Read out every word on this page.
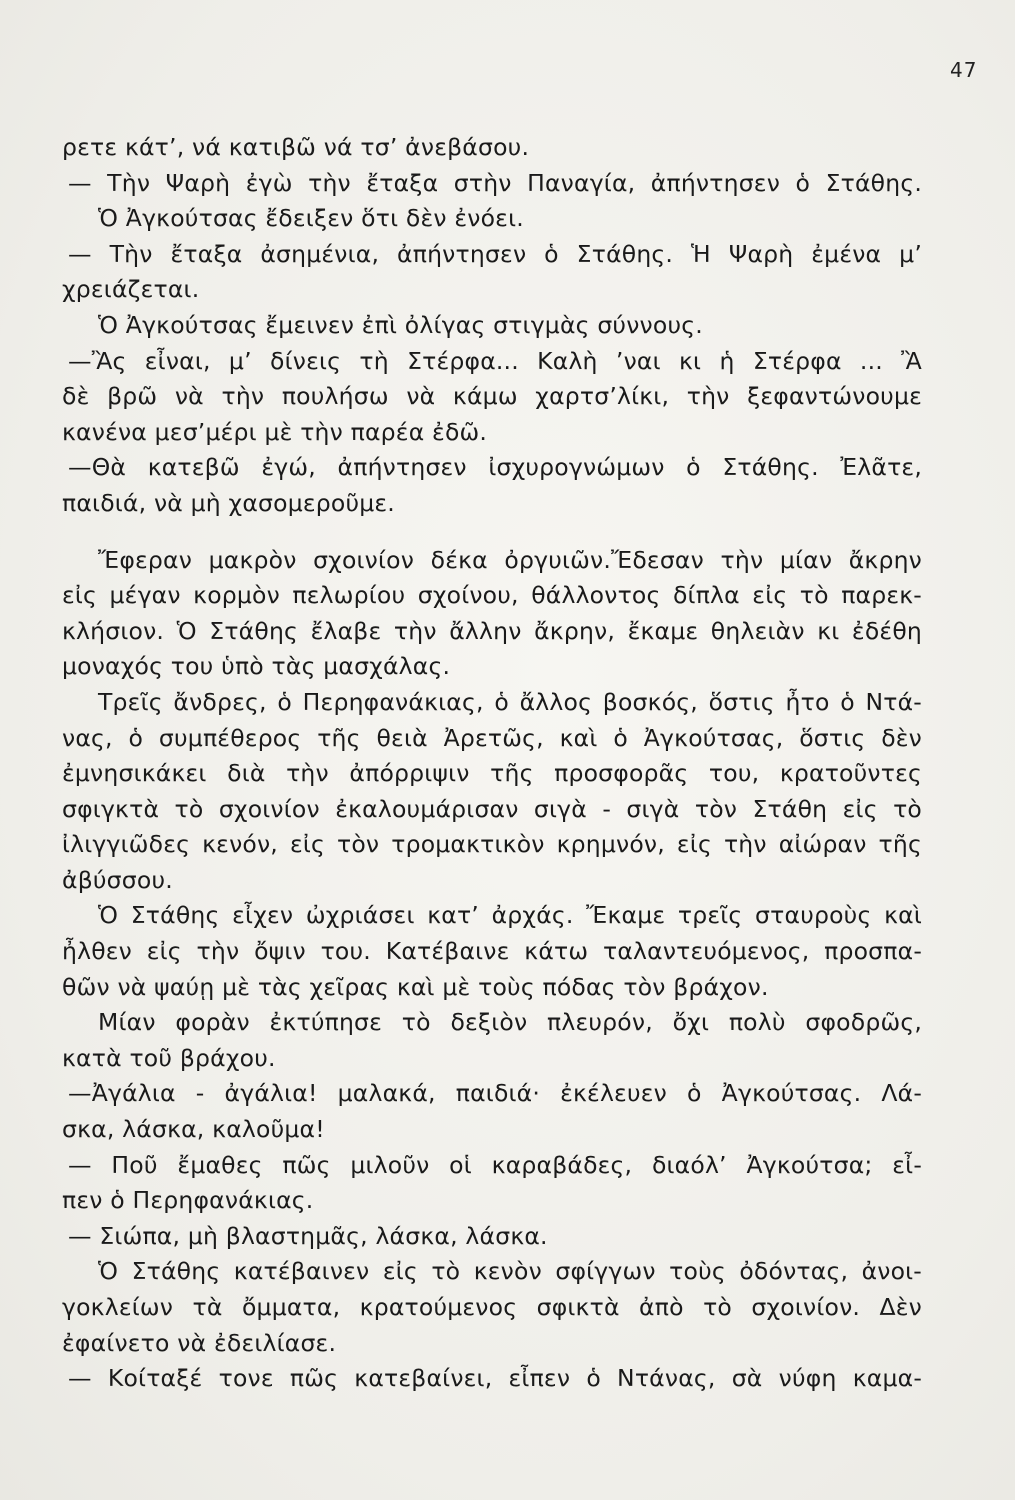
47
ρετε κάτ’, νά κατιβῶ νά τσ’ ἀνεβάσου.
— Τὴν Ψαρὴ ἐγὼ τὴν ἔταξα στὴν Παναγία, ἀπήντησεν ὁ Στάθης.
Ὁ Ἀγκούτσας ἔδειξεν ὅτι δὲν ἐνόει.
— Τὴν ἔταξα ἀσημένια, ἀπήντησεν ὁ Στάθης. Ἡ Ψαρὴ ἐμένα μ’
χρειάζεται.
Ὁ Ἀγκούτσας ἔμεινεν ἐπὶ ὀλίγας στιγμὰς σύννους.
—Ἂς εἶναι, μ’ δίνεις τὴ Στέρφα... Καλὴ ’ναι κι ἡ Στέρφα ... Ἂ
δὲ βρῶ νὰ τὴν πουλήσω νὰ κάμω χαρτσ’λίκι, τὴν ξεφαντώνουμε
κανένα μεσ’μέρι μὲ τὴν παρέα ἐδῶ.
—Θὰ κατεβῶ ἐγώ, ἀπήντησεν ἰσχυρογνώμων ὁ Στάθης. Ἐλᾶτε,
παιδιά, νὰ μὴ χασομεροῦμε.
Ἔφεραν μακρὸν σχοινίον δέκα ὀργυιῶν.Ἔδεσαν τὴν μίαν ἄκρην
εἰς μέγαν κορμὸν πελωρίου σχοίνου, θάλλοντος δίπλα εἰς τὸ παρεκ-
κλήσιον. Ὁ Στάθης ἔλαβε τὴν ἄλλην ἄκρην, ἔκαμε θηλειὰν κι ἐδέθη
μοναχός του ὑπὸ τὰς μασχάλας.
Τρεῖς ἄνδρες, ὁ Περηφανάκιας, ὁ ἄλλος βοσκός, ὅστις ἦτο ὁ Ντά-
νας, ὁ συμπέθερος τῆς θειὰ Ἀρετῶς, καὶ ὁ Ἀγκούτσας, ὅστις δὲν
ἐμνησικάκει διὰ τὴν ἀπόρριψιν τῆς προσφορᾶς του, κρατοῦντες
σφιγκτὰ τὸ σχοινίον ἐκαλουμάρισαν σιγὰ - σιγὰ τὸν Στάθη εἰς τὸ
ἰλιγγιῶδες κενόν, εἰς τὸν τρομακτικὸν κρημνόν, εἰς τὴν αἰώραν τῆς
ἀβύσσου.
Ὁ Στάθης εἶχεν ὠχριάσει κατ’ ἀρχάς. Ἔκαμε τρεῖς σταυροὺς καὶ
ἦλθεν εἰς τὴν ὄψιν του. Κατέβαινε κάτω ταλαντευόμενος, προσπα-
θῶν νὰ ψαύῃ μὲ τὰς χεῖρας καὶ μὲ τοὺς πόδας τὸν βράχον.
Μίαν φορὰν ἐκτύπησε τὸ δεξιὸν πλευρόν, ὄχι πολὺ σφοδρῶς,
κατὰ τοῦ βράχου.
—Ἀγάλια - ἀγάλια! μαλακά, παιδιά· ἐκέλευεν ὁ Ἀγκούτσας. Λά-
σκα, λάσκα, καλοῦμα!
— Ποῦ ἔμαθες πῶς μιλοῦν οἱ καραβάδες, διαόλ’ Ἀγκούτσα; εἶ-
πεν ὁ Περηφανάκιας.
— Σιώπα, μὴ βλαστημᾶς, λάσκα, λάσκα.
Ὁ Στάθης κατέβαινεν εἰς τὸ κενὸν σφίγγων τοὺς ὀδόντας, ἀνοι-
γοκλείων τὰ ὄμματα, κρατούμενος σφικτὰ ἀπὸ τὸ σχοινίον. Δὲν
ἐφαίνετο νὰ ἐδειλίασε.
— Κοίταξέ τονε πῶς κατεβαίνει, εἶπεν ὁ Ντάνας, σὰ νύφη καμα-
